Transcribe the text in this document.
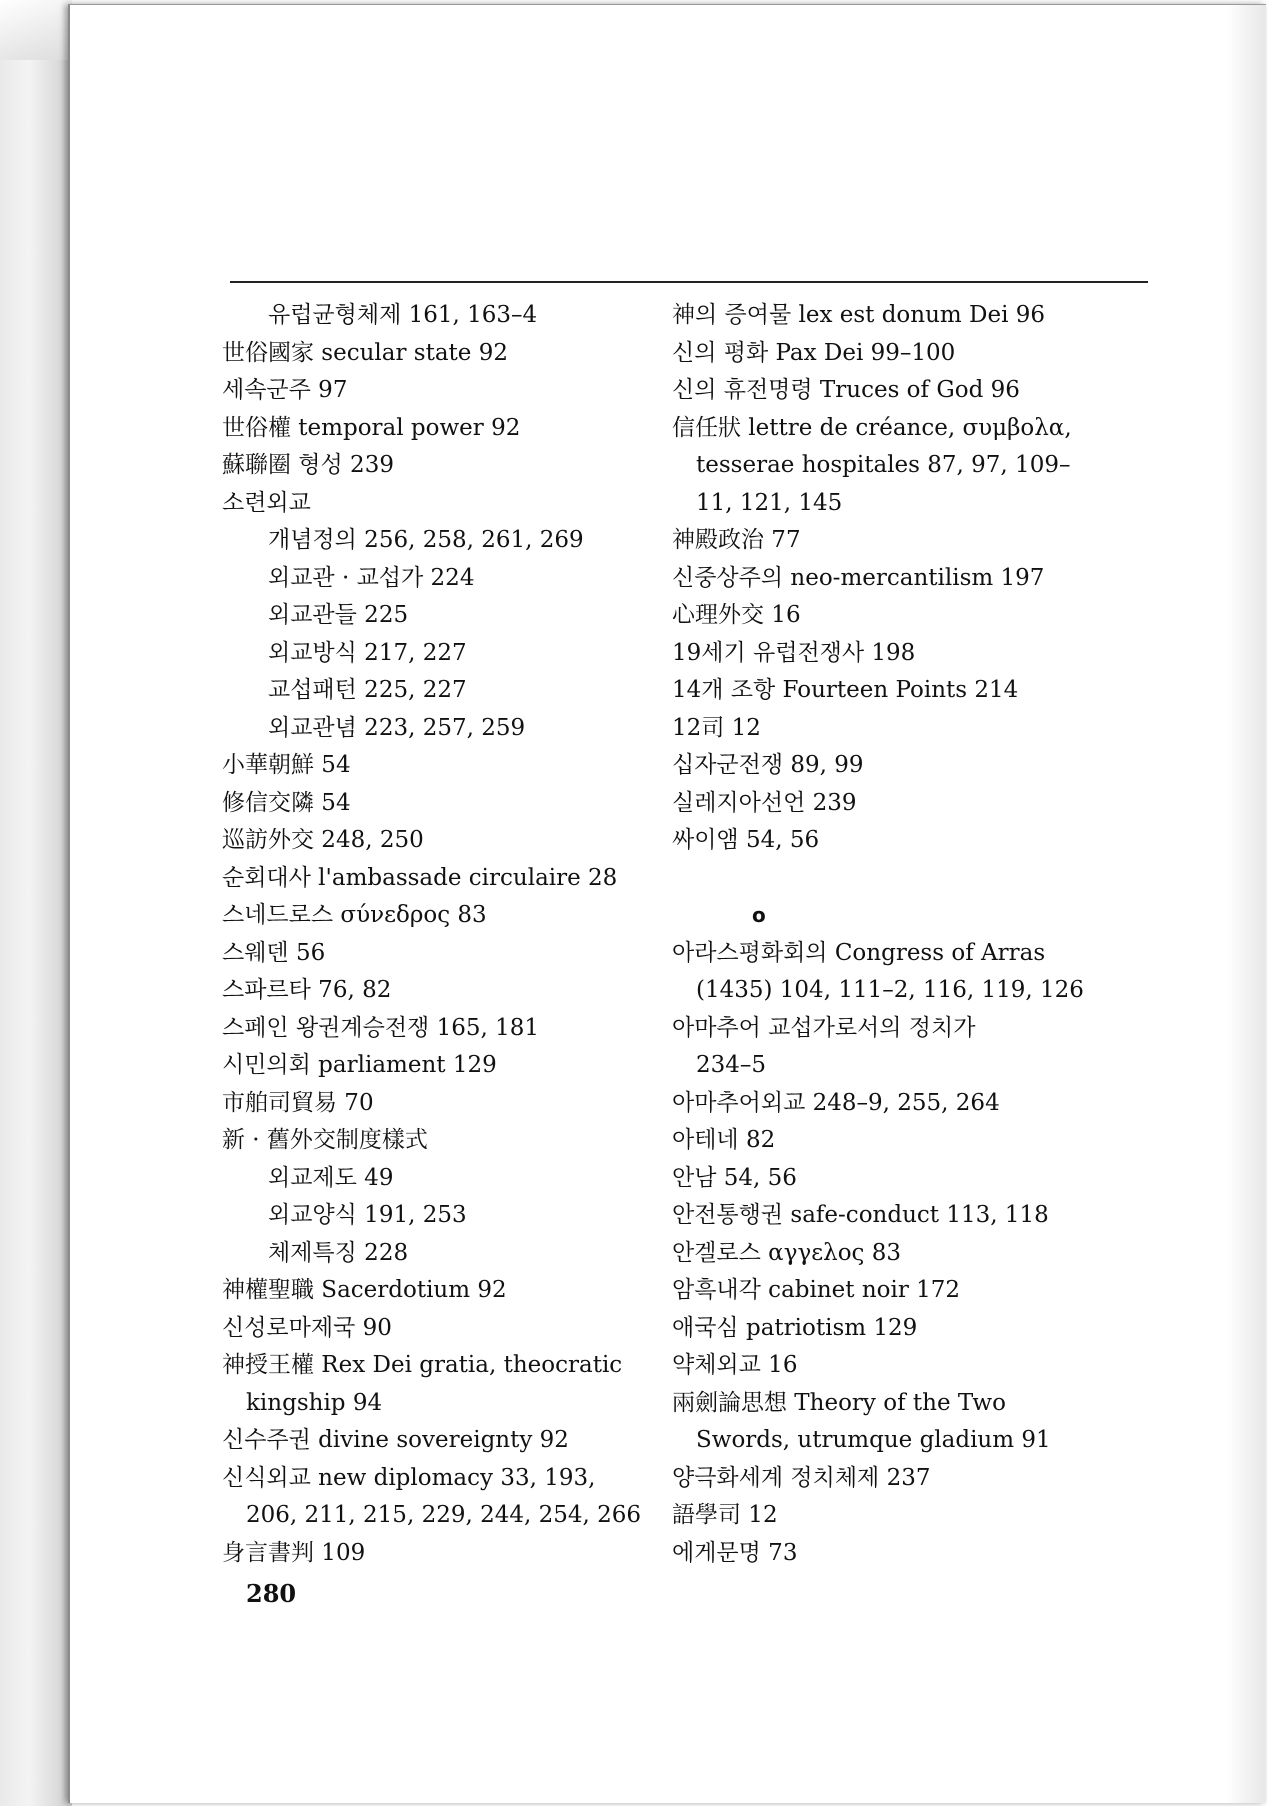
유럽균형체제 161, 163–4
世俗國家 secular state 92
세속군주 97
世俗權 temporal power 92
蘇聯圈 형성 239
소련외교
개념정의 256, 258, 261, 269
외교관 · 교섭가 224
외교관들 225
외교방식 217, 227
교섭패턴 225, 227
외교관념 223, 257, 259
小華朝鮮 54
修信交隣 54
巡訪外交 248, 250
순회대사 l'ambassade circulaire 28
스네드로스 σύνεδρος 83
스웨덴 56
스파르타 76, 82
스페인 왕권계승전쟁 165, 181
시민의회 parliament 129
市舶司貿易 70
新 · 舊外交制度樣式
외교제도 49
외교양식 191, 253
체제특징 228
神權聖職 Sacerdotium 92
신성로마제국 90
神授王權 Rex Dei gratia, theocratic
kingship 94
신수주권 divine sovereignty 92
신식외교 new diplomacy 33, 193,
206, 211, 215, 229, 244, 254, 266
身言書判 109
神의 증여물 lex est donum Dei 96
신의 평화 Pax Dei 99–100
신의 휴전명령 Truces of God 96
信任狀 lettre de créance, συμβολα,
tesserae hospitales 87, 97, 109–
11, 121, 145
神殿政治 77
신중상주의 neo-mercantilism 197
心理外交 16
19세기 유럽전쟁사 198
14개 조항 Fourteen Points 214
12司 12
십자군전쟁 89, 99
실레지아선언 239
싸이앰 54, 56
o
아라스평화회의 Congress of Arras
(1435) 104, 111–2, 116, 119, 126
아마추어 교섭가로서의 정치가
234–5
아마추어외교 248–9, 255, 264
아테네 82
안남 54, 56
안전통행권 safe-conduct 113, 118
안겔로스 αγγελος 83
암흑내각 cabinet noir 172
애국심 patriotism 129
약체외교 16
兩劍論思想 Theory of the Two
Swords, utrumque gladium 91
양극화세계 정치체제 237
語學司 12
에게문명 73
280
